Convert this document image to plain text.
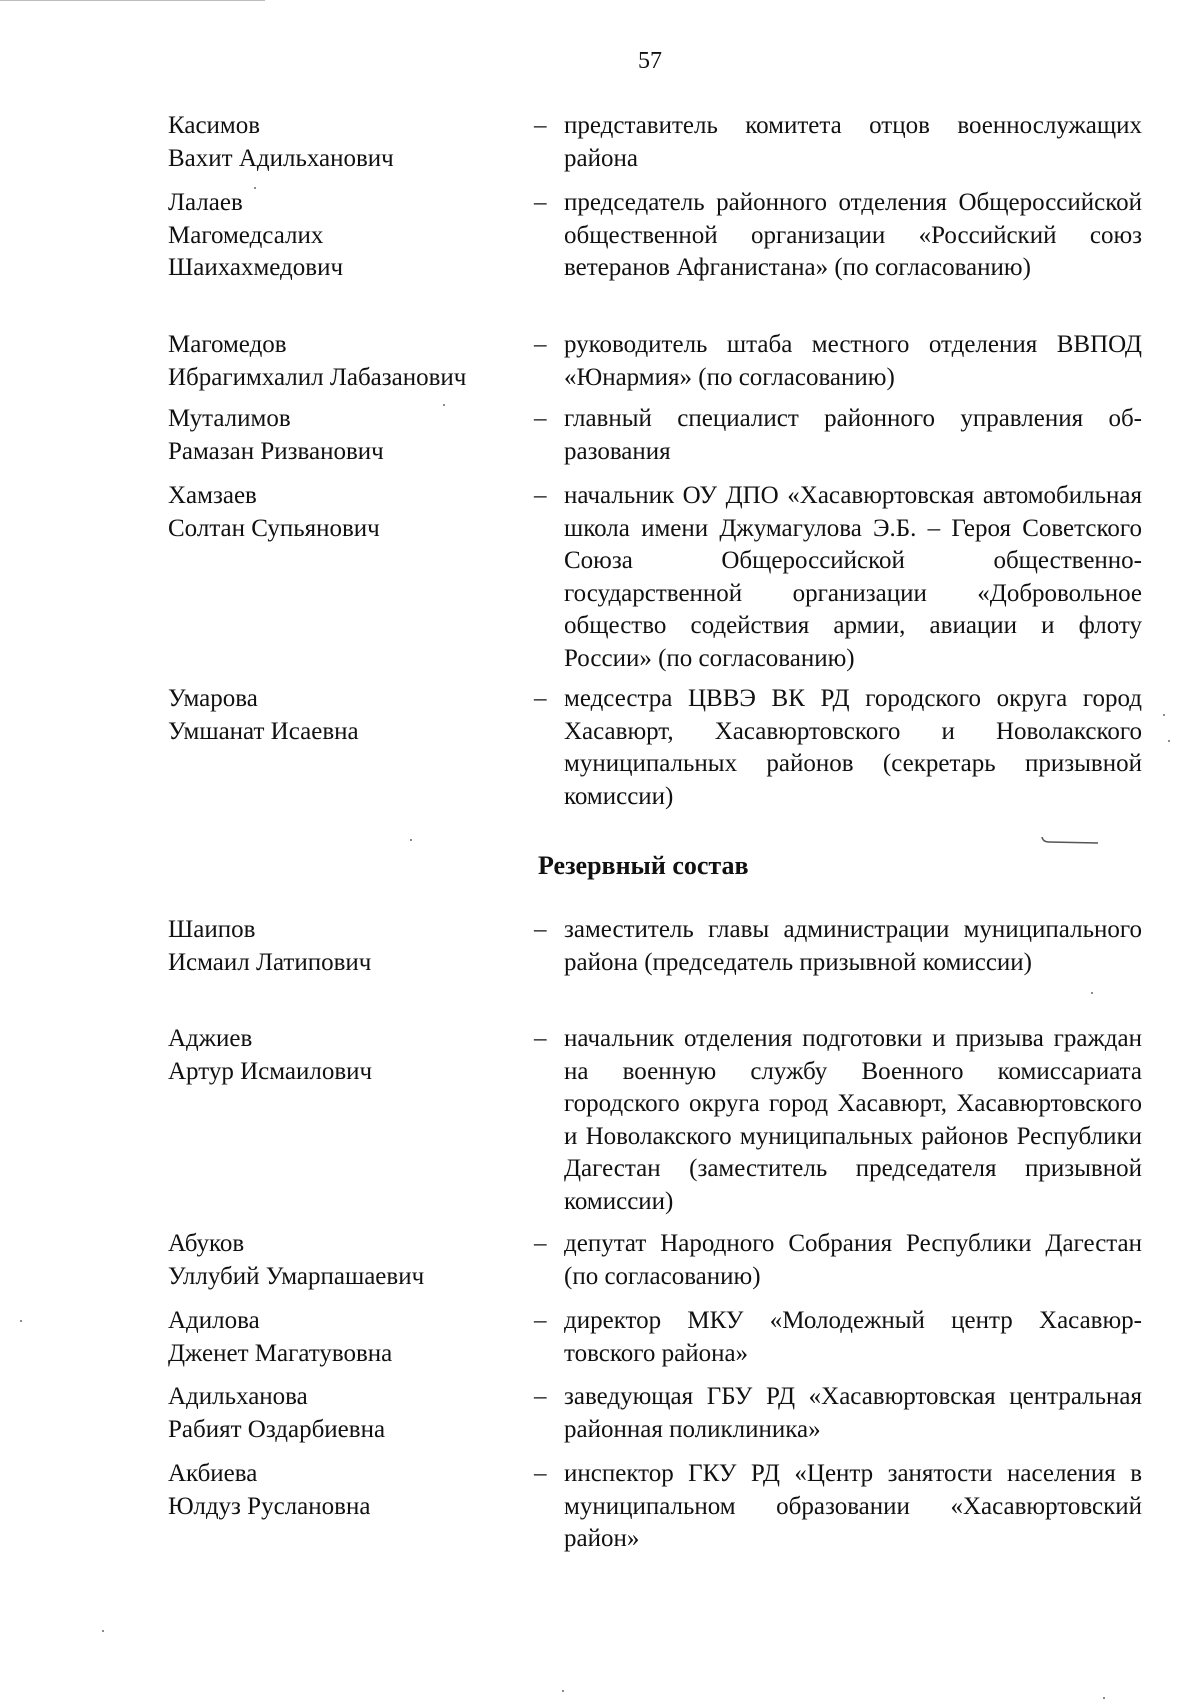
57
Касимов
Вахит Адильханович
– представитель комитета отцов военнослужащих района
Лалаев
Магомедсалих
Шаихахмедович
– председатель районного отделения Общероссийской общественной организации «Российский союз ветеранов Афганистана» (по согласованию)
Магомедов
Ибрагимхалил Лабазанович
– руководитель штаба местного отделения ВВПОД «Юнармия» (по согласованию)
Муталимов
Рамазан Ризванович
– главный специалист районного управления образования
Хамзаев
Солтан Супьянович
– начальник ОУ ДПО «Хасавюртовская автомобильная школа имени Джумагулова Э.Б. – Героя Советского Союза Общероссийской общественно-государственной организации «Добровольное общество содействия армии, авиации и флоту России» (по согласованию)
Умарова
Умшанат Исаевна
– медсестра ЦВВЭ ВК РД городского округа город Хасавюрт, Хасавюртовского и Новолакского муниципальных районов (секретарь призывной комиссии)
Резервный состав
Шаипов
Исмаил Латипович
– заместитель главы администрации муниципального района (председатель призывной комиссии)
Аджиев
Артур Исмаилович
– начальник отделения подготовки и призыва граждан на военную службу Военного комиссариата городского округа город Хасавюрт, Хасавюртовского и Новолакского муниципальных районов Республики Дагестан (заместитель председателя призывной комиссии)
Абуков
Уллубий Умарпашаевич
– депутат Народного Собрания Республики Дагестан (по согласованию)
Адилова
Дженет Магатувовна
– директор МКУ «Молодежный центр Хасавюртовского района»
Адильханова
Рабият Оздарбиевна
– заведующая ГБУ РД «Хасавюртовская центральная районная поликлиника»
Акбиева
Юлдуз Руслановна
– инспектор ГКУ РД «Центр занятости населения в муниципальном образовании «Хасавюртовский район»
